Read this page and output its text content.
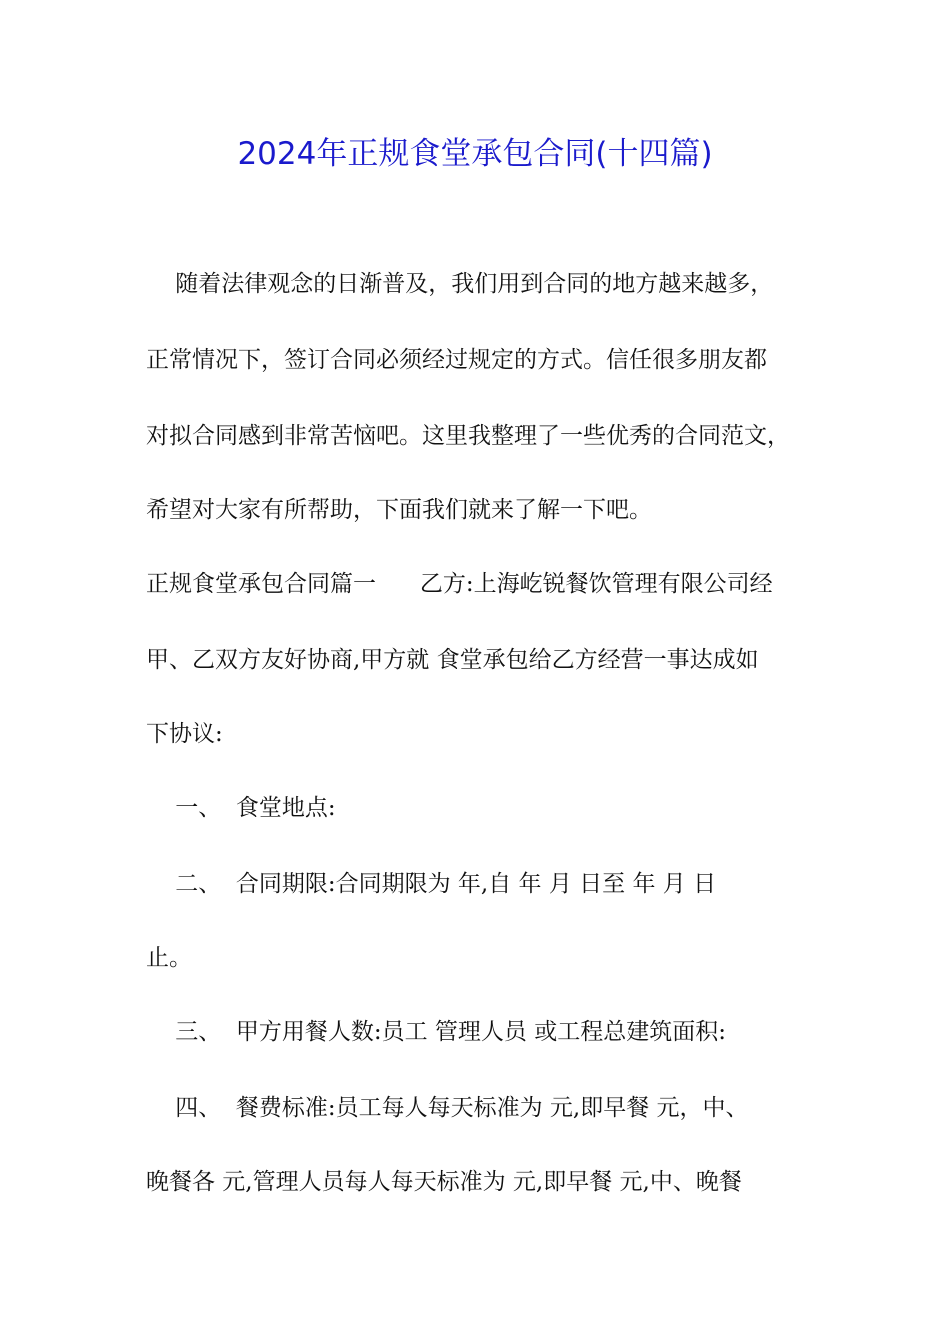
2024年正规食堂承包合同(十四篇)
随着法律观念的日渐普及，我们用到合同的地方越来越多，
正常情况下，签订合同必须经过规定的方式。信任很多朋友都
对拟合同感到非常苦恼吧。这里我整理了一些优秀的合同范文，
希望对大家有所帮助，下面我们就来了解一下吧。
正规食堂承包合同篇一      乙方:上海屹锐餐饮管理有限公司经
甲、乙双方友好协商,甲方就 食堂承包给乙方经营一事达成如
下协议:
一、  食堂地点:
二、  合同期限:合同期限为 年,自 年 月 日至 年 月 日
止。
三、  甲方用餐人数:员工 管理人员 或工程总建筑面积:
四、  餐费标准:员工每人每天标准为 元,即早餐 元，中、
晚餐各 元,管理人员每人每天标准为 元,即早餐 元,中、晚餐
